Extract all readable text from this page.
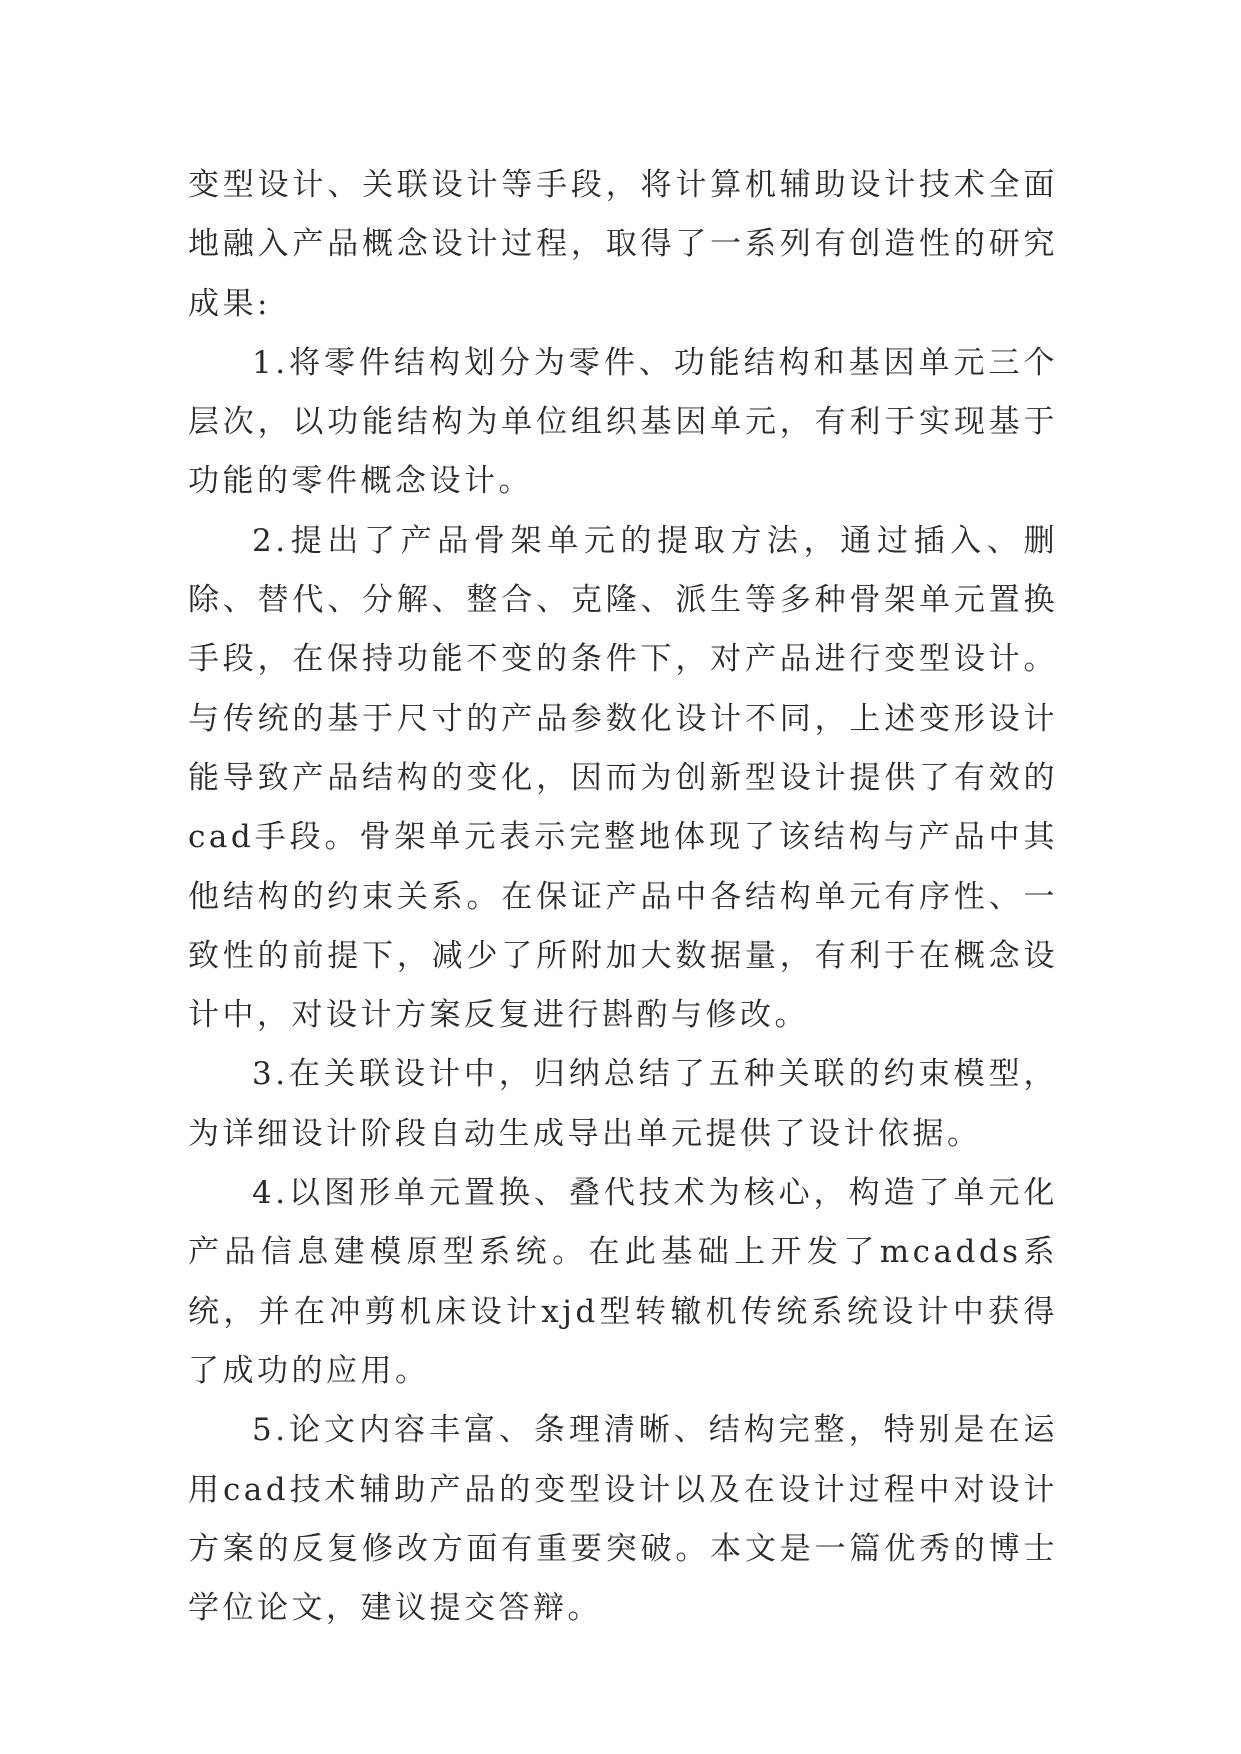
变型设计、关联设计等手段，将计算机辅助设计技术全面地融入产品概念设计过程，取得了一系列有创造性的研究成果:

1.将零件结构划分为零件、功能结构和基因单元三个层次，以功能结构为单位组织基因单元，有利于实现基于功能的零件概念设计。

2.提出了产品骨架单元的提取方法，通过插入、删除、替代、分解、整合、克隆、派生等多种骨架单元置换手段，在保持功能不变的条件下，对产品进行变型设计。与传统的基于尺寸的产品参数化设计不同，上述变形设计能导致产品结构的变化，因而为创新型设计提供了有效的cad手段。骨架单元表示完整地体现了该结构与产品中其他结构的约束关系。在保证产品中各结构单元有序性、一致性的前提下，减少了所附加大数据量，有利于在概念设计中，对设计方案反复进行斟酌与修改。

3.在关联设计中，归纳总结了五种关联的约束模型，为详细设计阶段自动生成导出单元提供了设计依据。

4.以图形单元置换、叠代技术为核心，构造了单元化产品信息建模原型系统。在此基础上开发了mcadds系统，并在冲剪机床设计xjd型转辙机传统系统设计中获得了成功的应用。

5.论文内容丰富、条理清晰、结构完整，特别是在运用cad技术辅助产品的变型设计以及在设计过程中对设计方案的反复修改方面有重要突破。本文是一篇优秀的博士学位论文，建议提交答辩。
